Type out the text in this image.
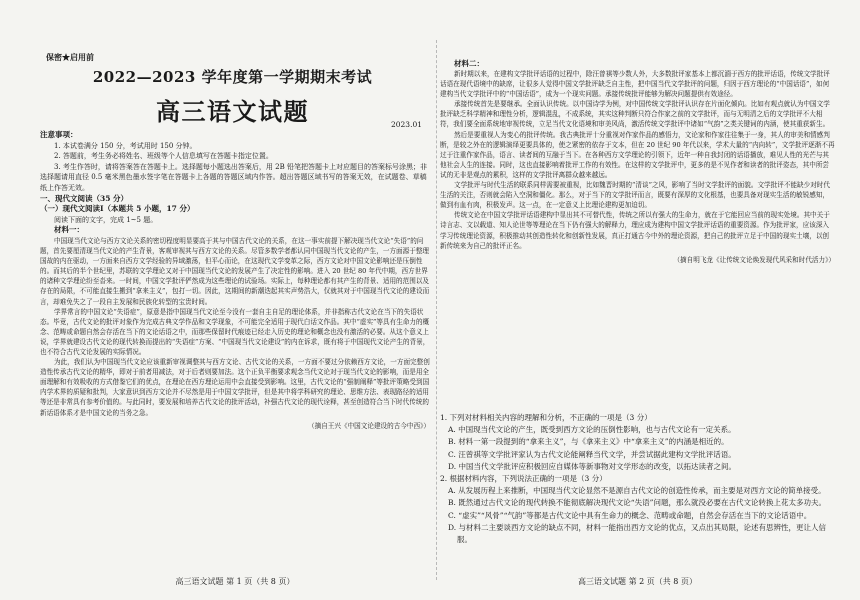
保密★启用前
2022—2023 学年度第一学期期末考试
高三语文试题	2023.01
注意事项：

1. 本试卷满分 150 分，考试用时 150 分钟。

2. 答题前，考生务必将姓名、班级等个人信息填写在答题卡指定位置。

3. 考生作答时，请将答案答在答题卡上。选择题每小题选出答案后，用 2B 铅笔把答题卡上对应题目的答案标号涂黑；非选择题请用直径 0.5 毫米黑色墨水签字笔在答题卡上各题的答题区域内作答。超出答题区域书写的答案无效，在试题卷、草稿纸上作答无效。

一、现代文阅读（35 分）
（一）现代文阅读Ⅰ（本题共 5 小题，17 分）

阅读下面的文字，完成 1~5 题。

材料一：

中国现当代文论与西方文论关系的密切程度明显要高于其与中国古代文论的关系，在这一事实前提下解决现当代文论“失语”的问题，首先要厘清现当代文论的产生背景，客观审视其与西方文论的关系。尽管多数学者都认同中国现当代文论的产生，一方面源于整理国故的内在驱动，一方面来自西方文学经验的异域激荡，但平心而论，在这现代文学变革之际，西方文论对中国文论影响还是压倒性的。而其后的半个世纪里，苏联的文学理论又对于中国现当代文论的发展产生了决定性的影响。进入 20 世纪 80 年代中期，西方世界的诸种文学理论纷至沓来。一时间，中国文学批评俨然成为这些理论的试验场。实际上，每种理论都有其产生的背景、适用的范围以及存在的局限，不可能直接生搬到“拿来主义”，包打一切。因此，这期间的新潮迭起其实声势浩大，仅就其对于中国现当代文论的建设而言，却难免失之了一段自主发展和民族化转型的宝贵时间。

学界常言的中国文论“失语症”，原意是指中国现当代文论至今没有一套自主自足的理论体系，并非指称古代文论在当下的失语状态。毕竟，古代文论的批评对象作为完成古典文学作品和文学现象，不可能完全适用于现代白话文作品。其中“虚实”等具有生命力的概念、范畴或命题自然会存活在当下的文论话语之中，而那些保留时代痕迹已经走入历史的理论和概念也没有激活的必要。从这个意义上说，学界就建设古代文论的现代转换而提出的“失语症”方案、“中国现当代文论建设”的内在诉求，既有将于中国现代文论产生的背景，也不符合古代文论发展的实际情况。

为此，我们认为中国现当代文论应该重新审视调整其与西方文论、古代文论的关系，一方面不要过分依赖西方文论，一方面完整创造性传承古代文论的精华，即对于前者用减法，对于后者则要加法。这个正负平衡要求观念当代文论对于现当代文论的影响，而是用全面理解和有效吸收的方式借鉴它们的优点，在理论在西方理论运用中会直接受到影响。这里，古代文论的“强制阐释”等批评策略受到国内学术界的质疑和批判，大家意识到西方文论并不尽然是用于中国文学批评，但是其中将学科研究的理论、思维方法、表现路径的适用等还是非常具有参考价值的。与此同时，要发展和培养古代文论的批评活动，补强古代文论的现代诠释，甚至创造符合当下时代传统的新话语体系才是中国文论的当务之急。

（摘自王兴《中国文论建设的古今中西》）
高三语文试题 第 1 页（共 8 页）
材料二：

新时期以来，在建构文学批评话语的过程中，除汪曾祺等少数人外，大多数批评家基本上都沉湎于西方的批评话语，传统文学批评话语在现代语境中的缺席，让很多人觉得中国文学批评缺乏自主性，把中国当代文学批评的问题，归因于西方理论的“中国话语”，如何建构当代文学批评中的“中国话语”，成为一个现实问题。承接传统批评能够为解决问题提供有效途径。

承接传统首先是要继承。全面认识传统。以中国诗学为例，对中国传统文学批评认识存在片面化倾向。比如有观点就认为中国文学批评缺乏科学精神和理性分析，逻辑混乱，不成系统，其实这种判断只符合作家之前的文学批评，而与无明清之后的文学批评不大相符，我们要全面系统地审视传统，立足当代文化语境和审美风尚，激活传统文学批评中诸如“气韵”之类关键词的内涵，使其重获新生。

然后是要重视人为变心的批评传统。我古典批评十分重视对作家作品的感悟力，文论家和作家往往集于一身，其人的审美和情感判断，是较之外在的逻辑演绎更要具体的，使之紧密的依存于文本，但在 20 世纪 90 年代以来，学术大量的“内向转”，文学批评逐渐不再过于注重作家作品，语言、读者间的互融于当下。在各种西方文学理论的引领下，近年一种自我封闭的话语播放，难见人性的光芒与其他社会人生的连接。同时，这也直接影响着批评工作的有效性。在这样的文学批评中，更多的是不见作者和读者的批评姿态，其中所尝试的无非是观点的累积，这样的文学批评离群众越来越远。

文学批评与时代生活的联系同样需要被重视，比如魏晋时期的“清谈”之风，影响了当时文学批评的面貌。文学批评不能缺少对时代生活的关注，否则就会陷入空洞和僵化。那么，对于当下的文学批评而言，既要有深厚的文化根基，也要具备对现实生活的敏锐感知，做到有血有肉，积极发声。这一点，在一定意义上比理论建构更加迫切。

传统文论在中国文学批评话语建构中显出其不可替代性，传统之所以有强大的生命力，就在于它能回应当前的现实处境。其中关于诗言志、文以载道、知人论世等等理论在当下仍有强大的解释力，理应成为建构中国文学批评话语的重要资源。作为批评家，应该深入学习传统理论资源，积极推动其创造性转化和创新性发展，真正打通古今中外的理论资源，把自己的批评立足于中国的现实土壤，以创新传统来为自己的批评正名。

（摘自明飞龙《让传统文论焕发现代风采和时代活力》）

1. 下列对材料相关内容的理解和分析，不正确的一项是（3 分）

A. 中国现当代文论的产生，既受到西方文论的压倒性影响，也与古代文论有一定关系。

B. 材料一第一段提到的“拿来主义”，与《拿来主义》中“拿来主义”的内涵是相近的。

C. 汪曾祺等文学批评家认为古代文论能阐释当代文学，并尝试据此建构文学批评话语。

D. 中国当代文学批评应积极回应自媒体等新事物对文学形态的改变，以拓达读者之间。

2. 根据材料内容，下列说法正确的一项是（3 分）

A. 从发展历程上来推断，中国现当代文论显然不是源自古代文论的创造性传承，而主要是对西方文论的简单接受。

B. 既然通过古代文论的现代转换不能彻底解决现代文论“失语”问题，那么就没必要在古代文论转换上花太多功夫。

C. “虚实”“风骨”“气韵”等都是古代文论中具有生命力的概念、范畴或命题，自然会存活在当下的文论话语中。

D. 与材料二主要谈西方文论的缺点不同，材料一能指出西方文论的优点，又点出其局限，论述有思辨性，更让人信服。

高三语文试题 第 2 页（共 8 页）
